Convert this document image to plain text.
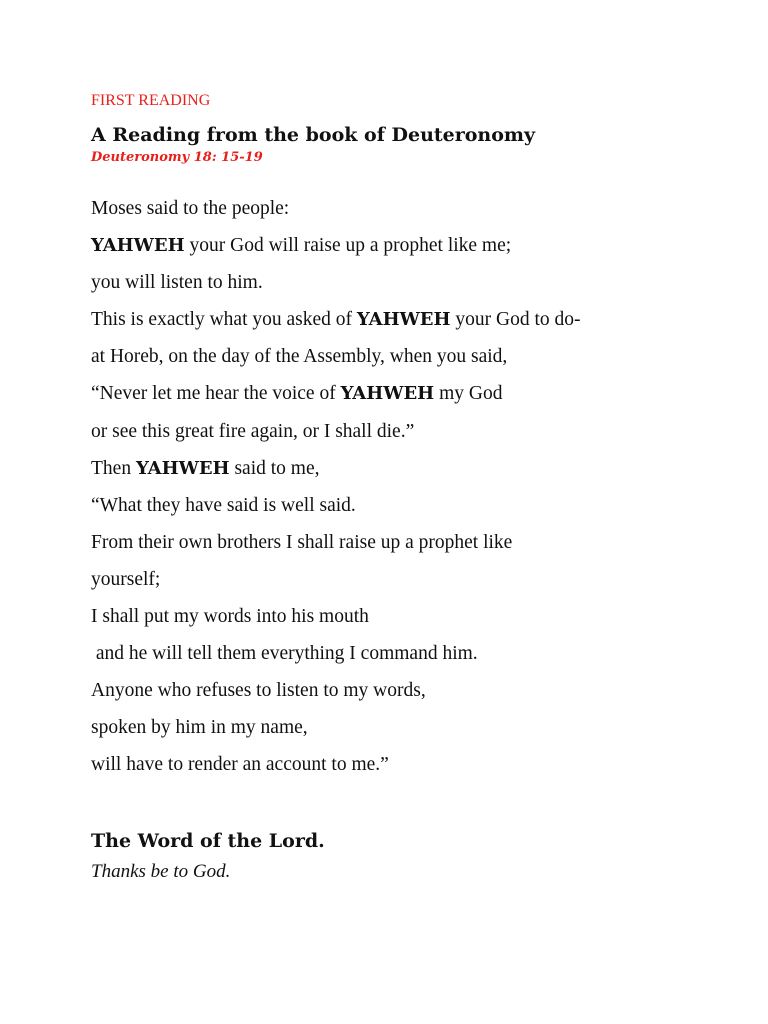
FIRST READING
A Reading from the book of Deuteronomy
Deuteronomy 18: 15-19
Moses said to the people:
YAHWEH your God will raise up a prophet like me;
you will listen to him.
This is exactly what you asked of YAHWEH your God to do-
at Horeb, on the day of the Assembly, when you said,
“Never let me hear the voice of YAHWEH my God
or see this great fire again, or I shall die.”
Then YAHWEH said to me,
“What they have said is well said.
From their own brothers I shall raise up a prophet like
yourself;
I shall put my words into his mouth
and he will tell them everything I command him.
Anyone who refuses to listen to my words,
spoken by him in my name,
will have to render an account to me.”
The Word of the Lord.
Thanks be to God.
